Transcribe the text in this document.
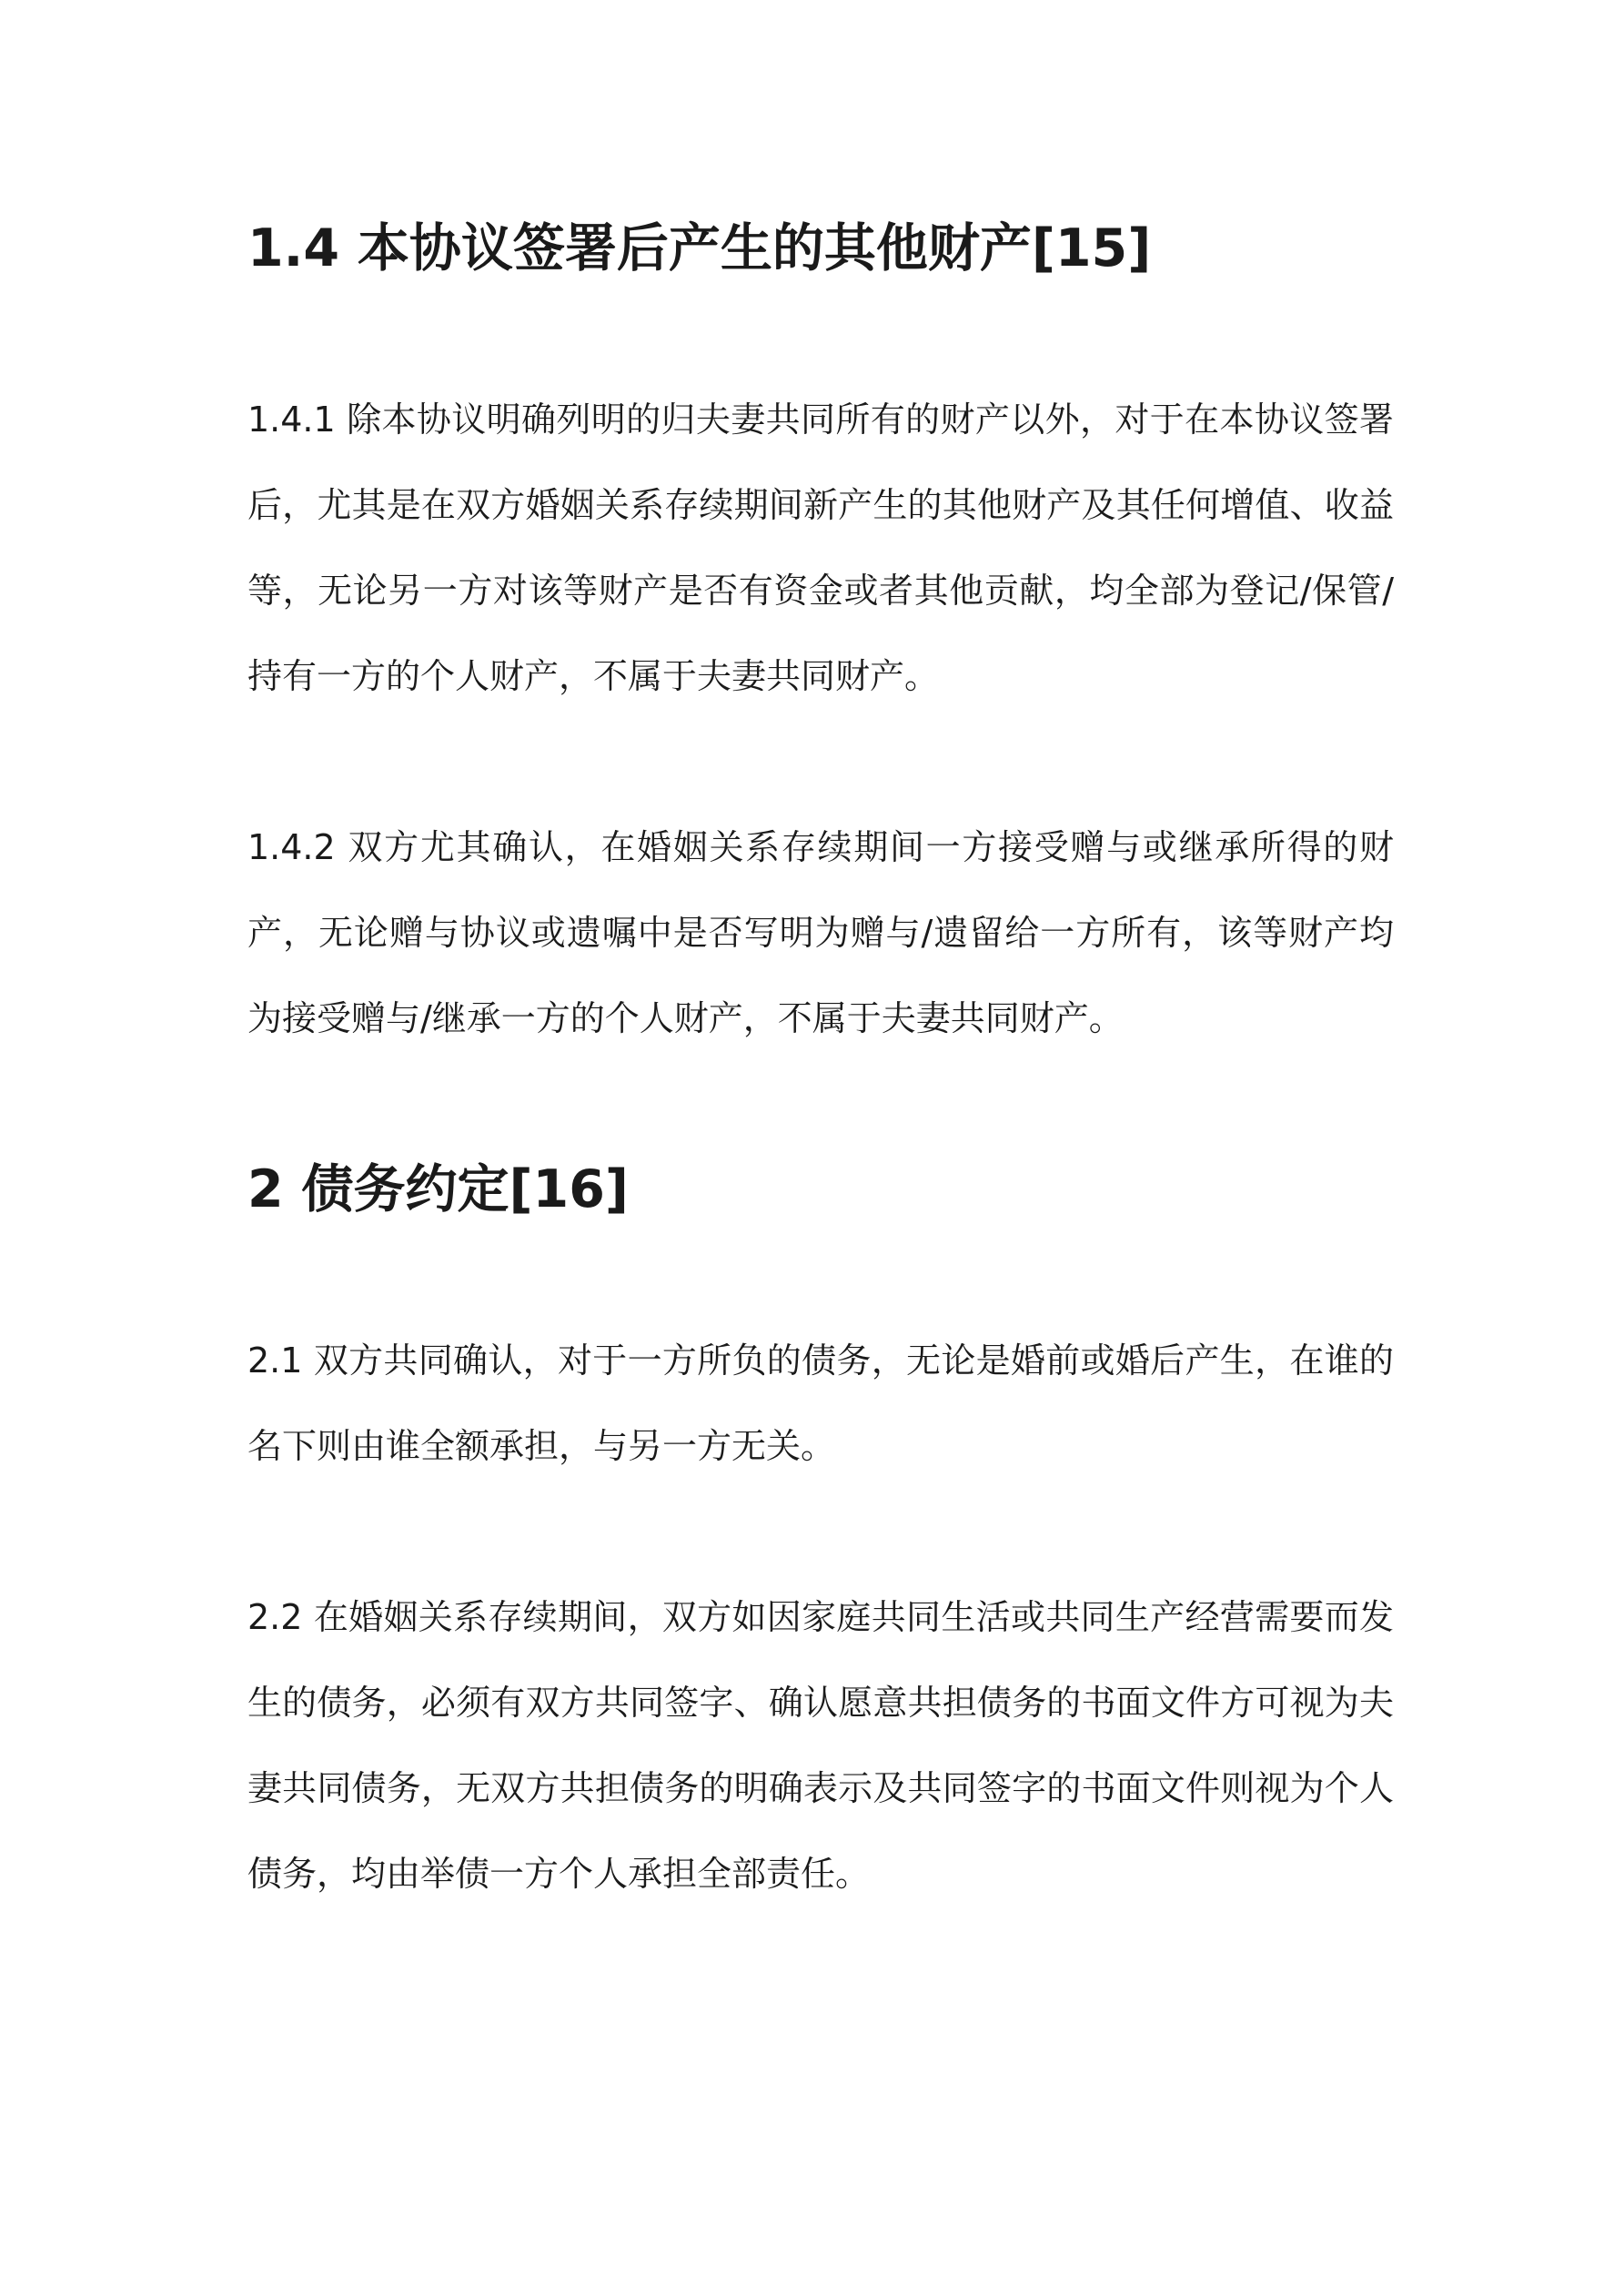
1.4 本协议签署后产生的其他财产[15]

1.4.1 除本协议明确列明的归夫妻共同所有的财产以外，对于在本协议签署后，尤其是在双方婚姻关系存续期间新产生的其他财产及其任何增值、收益等，无论另一方对该等财产是否有资金或者其他贡献，均全部为登记/保管/持有一方的个人财产，不属于夫妻共同财产。

1.4.2 双方尤其确认，在婚姻关系存续期间一方接受赠与或继承所得的财产，无论赠与协议或遗嘱中是否写明为赠与/遗留给一方所有，该等财产均为接受赠与/继承一方的个人财产，不属于夫妻共同财产。

2 债务约定[16]

2.1 双方共同确认，对于一方所负的债务，无论是婚前或婚后产生，在谁的名下则由谁全额承担，与另一方无关。

2.2 在婚姻关系存续期间，双方如因家庭共同生活或共同生产经营需要而发生的债务，必须有双方共同签字、确认愿意共担债务的书面文件方可视为夫妻共同债务，无双方共担债务的明确表示及共同签字的书面文件则视为个人债务，均由举债一方个人承担全部责任。
